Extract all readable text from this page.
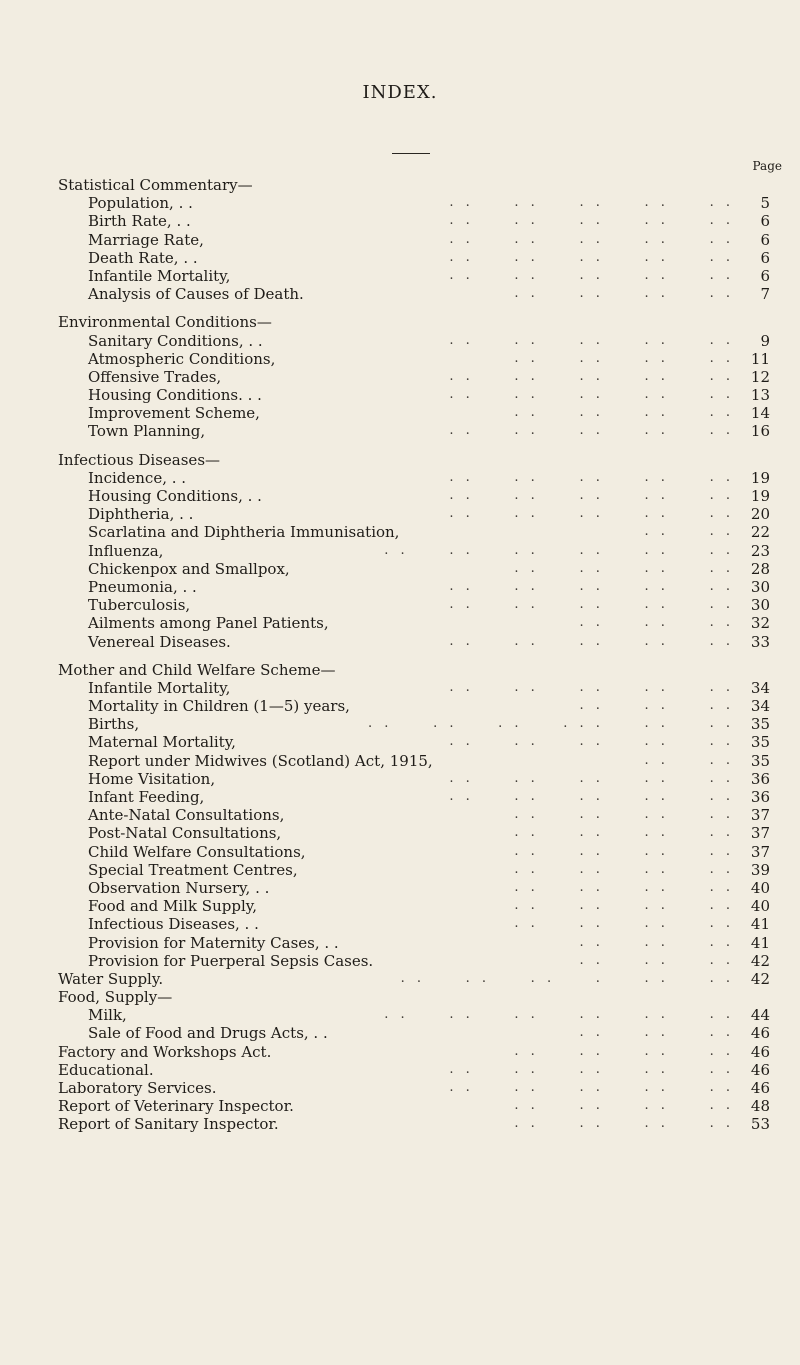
INDEX.
Page
Statistical Commentary—
Population, . .	. .     . .     . .     . .     . .	5
Birth Rate, . .	. .     . .     . .     . .     . .	6
Marriage Rate,	. .     . .     . .     . .     . .	6
Death Rate, . .	. .     . .     . .     . .     . .	6
Infantile Mortality,	. .     . .     . .     . .     . .	6
Analysis of Causes of Death.	. .     . .     . .     . .	7
Environmental Conditions—
Sanitary Conditions, . .	. .     . .     . .     . .     . .	9
Atmospheric Conditions,	. .     . .     . .     . .	11
Offensive Trades,	. .     . .     . .     . .     . .	12
Housing Conditions. . .	. .     . .     . .     . .     . .	13
Improvement Scheme,	. .     . .     . .     . .	14
Town Planning,	. .     . .     . .     . .     . .	16
Infectious Diseases—
Incidence, . .	. .     . .     . .     . .     . .	19
Housing Conditions, . .	. .     . .     . .     . .     . .	19
Diphtheria, . .	. .     . .     . .     . .     . .	20
Scarlatina and Diphtheria Immunisation,	. .     . .	22
Influenza,	. .     . .     . .     . .     . .     . .	23
Chickenpox and Smallpox,	. .     . .     . .     . .	28
Pneumonia, . .	. .     . .     . .     . .     . .	30
Tuberculosis,	. .     . .     . .     . .     . .	30
Ailments among Panel Patients,	. .     . .     . .	32
Venereal Diseases.	. .     . .     . .     . .     . .	33
Mother and Child Welfare Scheme—
Infantile Mortality,	. .     . .     . .     . .     . .	34
Mortality in Children (1—5) years,	. .     . .     . .	34
Births,	. .     . .     . .     . . .     . .     . .	35
Maternal Mortality,	. .     . .     . .     . .     . .	35
Report under Midwives (Scotland) Act, 1915,	. .     . .	35
Home Visitation,	. .     . .     . .     . .     . .	36
Infant Feeding,	. .     . .     . .     . .     . .	36
Ante-Natal Consultations,	. .     . .     . .     . .	37
Post-Natal Consultations,	. .     . .     . .     . .	37
Child Welfare Consultations,	. .     . .     . .     . .	37
Special Treatment Centres,	. .     . .     . .     . .	39
Observation Nursery, . .	. .     . .     . .     . .	40
Food and Milk Supply,	. .     . .     . .     . .	40
Infectious Diseases, . .	. .     . .     . .     . .	41
Provision for Maternity Cases, . .	. .     . .     . .	41
Provision for Puerperal Sepsis Cases.	. .     . .     . .	42
Water Supply.	. .     . .     . .     .     . .     . .	42
Food, Supply—
Milk,	. .     . .     . .     . .     . .     . .	44
Sale of Food and Drugs Acts, . .	. .     . .     . .	46
Factory and Workshops Act.	. .     . .     . .     . .	46
Educational.	. .     . .     . .     . .     . .	46
Laboratory Services.	. .     . .     . .     . .     . .	46
Report of Veterinary Inspector.	. .     . .     . .     . .	48
Report of Sanitary Inspector.	. .     . .     . .     . .	53
